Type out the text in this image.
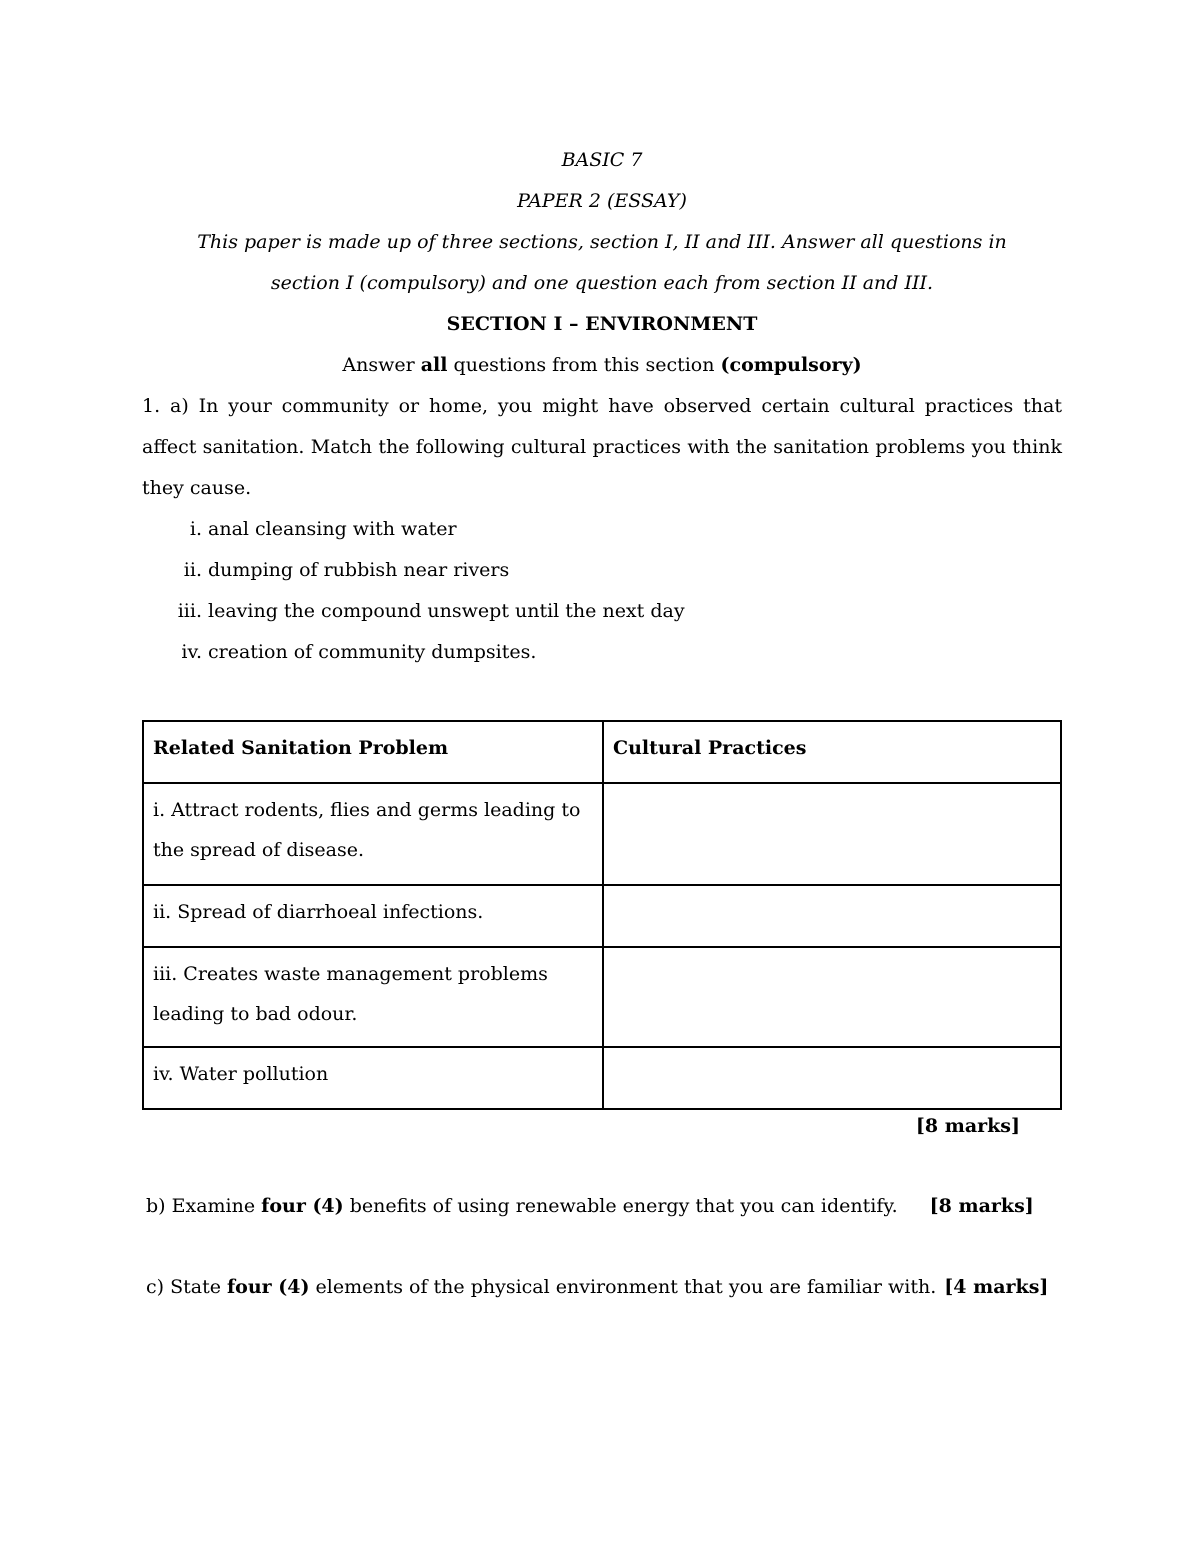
BASIC 7

PAPER 2 (ESSAY)

This paper is made up of three sections, section I, II and III. Answer all questions in

section I (compulsory) and one question each from section II and III.

SECTION I – ENVIRONMENT

Answer all questions from this section (compulsory)

1. a) In your community or home, you might have observed certain cultural practices that affect sanitation. Match the following cultural practices with the sanitation problems you think they cause.

i. anal cleansing with water
ii. dumping of rubbish near rivers
iii. leaving the compound unswept until the next day
iv. creation of community dumpsites.
Related Sanitation Problem	Cultural Practices
i. Attract rodents, flies and germs leading to the spread of disease.	
ii. Spread of diarrhoeal infections.	
iii. Creates waste management problems leading to bad odour.	
iv. Water pollution	
[8 marks]

b) Examine four (4) benefits of using renewable energy that you can identify. [8 marks]

c) State four (4) elements of the physical environment that you are familiar with. [4 marks]
